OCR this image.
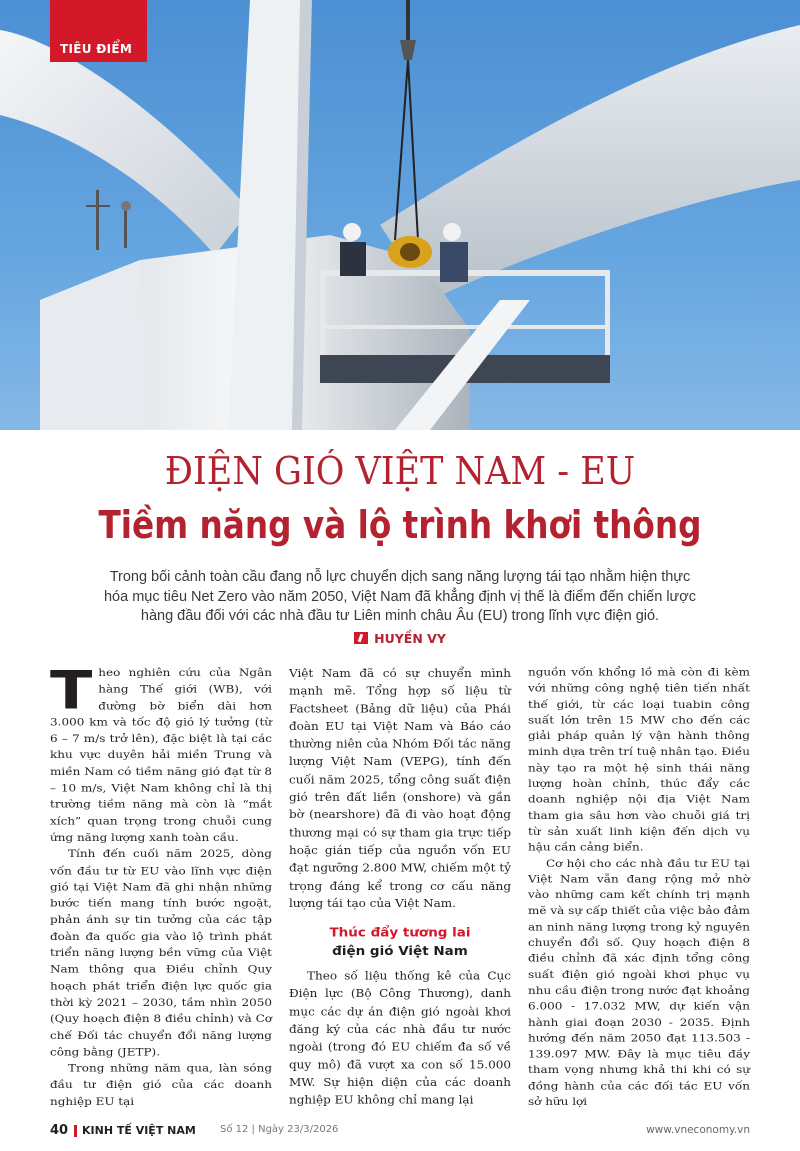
TIÊU ĐIỂM
ĐIỆN GIÓ VIỆT NAM - EU
Tiềm năng và lộ trình khơi thông
Trong bối cảnh toàn cầu đang nỗ lực chuyển dịch sang năng lượng tái tạo nhằm hiện thực hóa mục tiêu Net Zero vào năm 2050, Việt Nam đã khẳng định vị thế là điểm đến chiến lược hàng đầu đối với các nhà đầu tư Liên minh châu Âu (EU) trong lĩnh vực điện gió.
HUYỀN VY

Theo nghiên cứu của Ngân hàng Thế giới (WB), với đường bờ biển dài hơn 3.000 km và tốc độ gió lý tưởng (từ 6 – 7 m/s trở lên), đặc biệt là tại các khu vực duyên hải miền Trung và miền Nam có tiềm năng gió đạt từ 8 – 10 m/s, Việt Nam không chỉ là thị trường tiềm năng mà còn là “mắt xích” quan trọng trong chuỗi cung ứng năng lượng xanh toàn cầu.

Tính đến cuối năm 2025, dòng vốn đầu tư từ EU vào lĩnh vực điện gió tại Việt Nam đã ghi nhận những bước tiến mang tính bước ngoặt, phản ánh sự tin tưởng của các tập đoàn đa quốc gia vào lộ trình phát triển năng lượng bền vững của Việt Nam thông qua Điều chỉnh Quy hoạch phát triển điện lực quốc gia thời kỳ 2021 – 2030, tầm nhìn 2050 (Quy hoạch điện 8 điều chỉnh) và Cơ chế Đối tác chuyển đổi năng lượng công bằng (JETP).

Trong những năm qua, làn sóng đầu tư điện gió của các doanh nghiệp EU tại

Việt Nam đã có sự chuyển mình mạnh mẽ. Tổng hợp số liệu từ Factsheet (Bảng dữ liệu) của Phái đoàn EU tại Việt Nam và Báo cáo thường niên của Nhóm Đối tác năng lượng Việt Nam (VEPG), tính đến cuối năm 2025, tổng công suất điện gió trên đất liền (onshore) và gần bờ (nearshore) đã đi vào hoạt động thương mại có sự tham gia trực tiếp hoặc gián tiếp của nguồn vốn EU đạt ngưỡng 2.800 MW, chiếm một tỷ trọng đáng kể trong cơ cấu năng lượng tái tạo của Việt Nam.

Thúc đẩy tương lai
điện gió Việt Nam

Theo số liệu thống kê của Cục Điện lực (Bộ Công Thương), danh mục các dự án điện gió ngoài khơi đăng ký của các nhà đầu tư nước ngoài (trong đó EU chiếm đa số về quy mô) đã vượt xa con số 15.000 MW. Sự hiện diện của các doanh nghiệp EU không chỉ mang lại

nguồn vốn khổng lồ mà còn đi kèm với những công nghệ tiên tiến nhất thế giới, từ các loại tuabin công suất lớn trên 15 MW cho đến các giải pháp quản lý vận hành thông minh dựa trên trí tuệ nhân tạo. Điều này tạo ra một hệ sinh thái năng lượng hoàn chỉnh, thúc đẩy các doanh nghiệp nội địa Việt Nam tham gia sâu hơn vào chuỗi giá trị từ sản xuất linh kiện đến dịch vụ hậu cần cảng biển.

Cơ hội cho các nhà đầu tư EU tại Việt Nam vẫn đang rộng mở nhờ vào những cam kết chính trị mạnh mẽ và sự cấp thiết của việc bảo đảm an ninh năng lượng trong kỷ nguyên chuyển đổi số. Quy hoạch điện 8 điều chỉnh đã xác định tổng công suất điện gió ngoài khơi phục vụ nhu cầu điện trong nước đạt khoảng 6.000 - 17.032 MW, dự kiến vận hành giai đoạn 2030 - 2035. Định hướng đến năm 2050 đạt 113.503 - 139.097 MW. Đây là mục tiêu đầy tham vọng nhưng khả thi khi có sự đồng hành của các đối tác EU vốn sở hữu lợi

40 KINH TẾ VIỆT NAM Số 12 | Ngày 23/3/2026	www.vneconomy.vn
